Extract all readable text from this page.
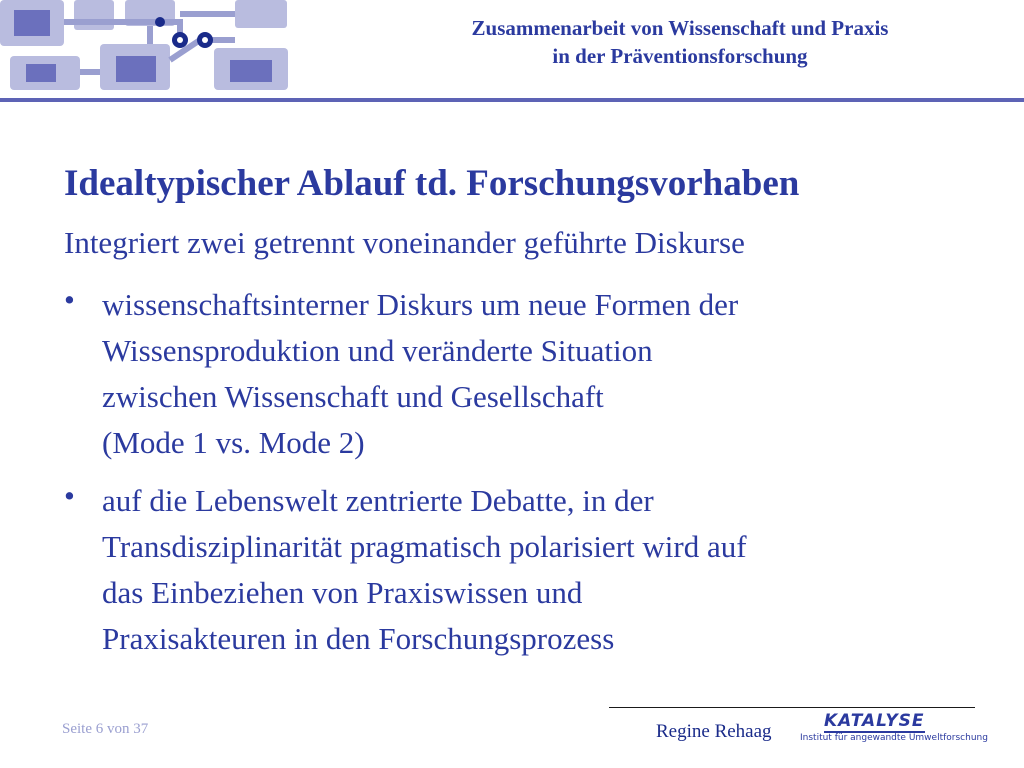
Zusammenarbeit von Wissenschaft und Praxis
in der Präventionsforschung
Idealtypischer Ablauf td. Forschungsvorhaben

Integriert zwei getrennt voneinander geführte Diskurse

• wissenschaftsinterner Diskurs um neue Formen der
Wissensproduktion und veränderte Situation
zwischen Wissenschaft und Gesellschaft
(Mode 1 vs. Mode 2)
• auf die Lebenswelt zentrierte Debatte, in der
Transdisziplinarität pragmatisch polarisiert wird auf
das Einbeziehen von Praxiswissen und
Praxisakteuren in den Forschungsprozess
Seite 6 von 37	Regine Rehaag	KATALYSE
Institut für angewandte Umweltforschung
